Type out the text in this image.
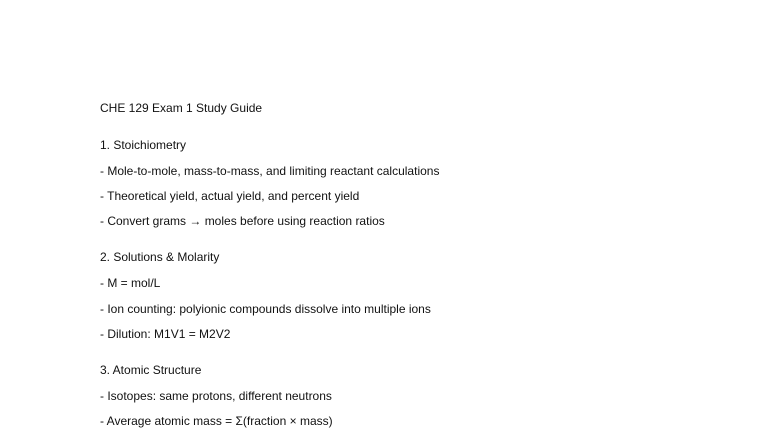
CHE 129 Exam 1 Study Guide
1. Stoichiometry
- Mole-to-mole, mass-to-mass, and limiting reactant calculations
- Theoretical yield, actual yield, and percent yield
- Convert grams → moles before using reaction ratios
2. Solutions & Molarity
- M = mol/L
- Ion counting: polyionic compounds dissolve into multiple ions
- Dilution: M1V1 = M2V2
3. Atomic Structure
- Isotopes: same protons, different neutrons
- Average atomic mass = Σ(fraction × mass)
